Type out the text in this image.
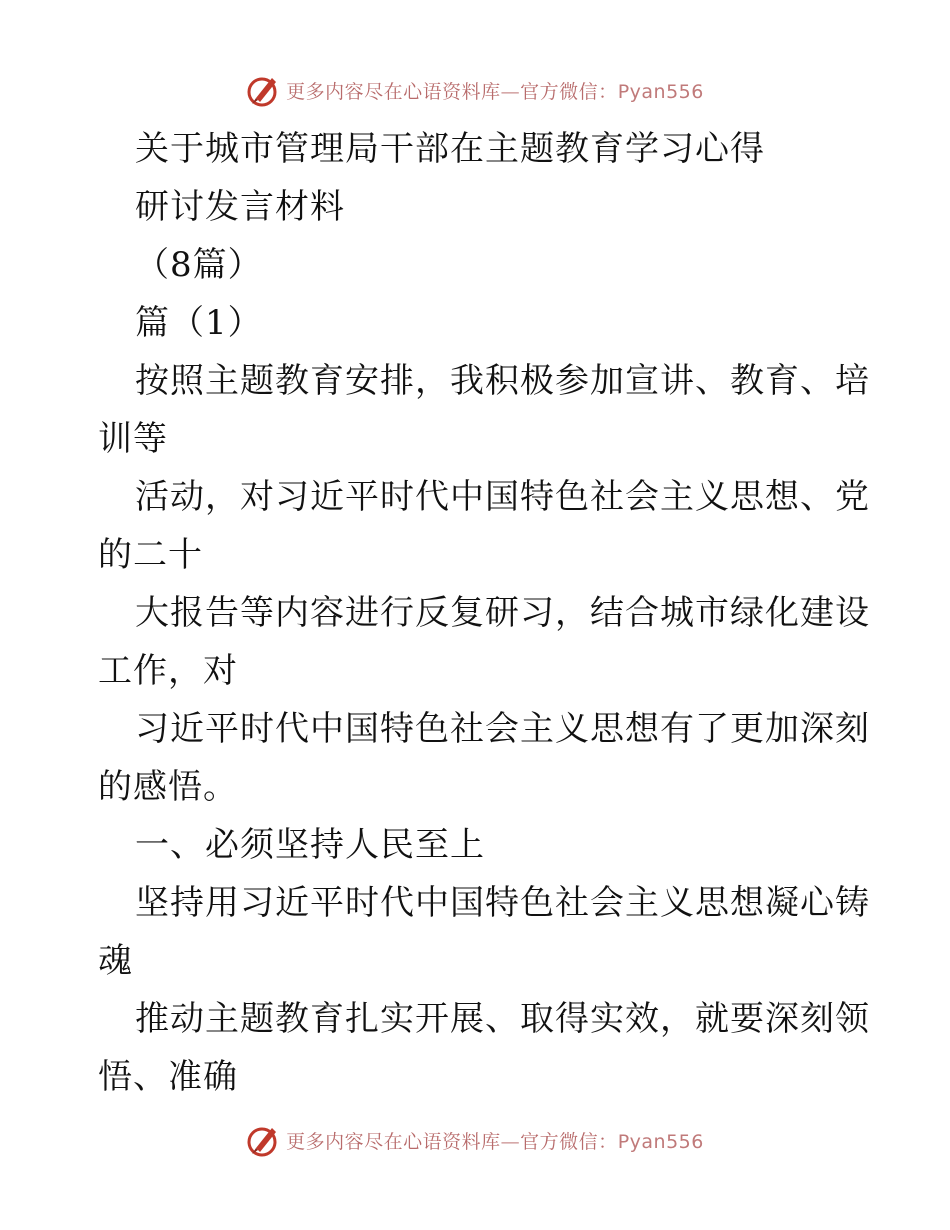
更多内容尽在心语资料库—官方微信：Pyan556
关于城市管理局干部在主题教育学习心得
研讨发言材料
（8篇）
篇（1）
按照主题教育安排，我积极参加宣讲、教育、培
训等
活动，对习近平时代中国特色社会主义思想、党
的二十
大报告等内容进行反复研习，结合城市绿化建设
工作，对
习近平时代中国特色社会主义思想有了更加深刻
的感悟。
一、必须坚持人民至上
坚持用习近平时代中国特色社会主义思想凝心铸
魂
推动主题教育扎实开展、取得实效，就要深刻领
悟、准确
更多内容尽在心语资料库—官方微信：Pyan556
